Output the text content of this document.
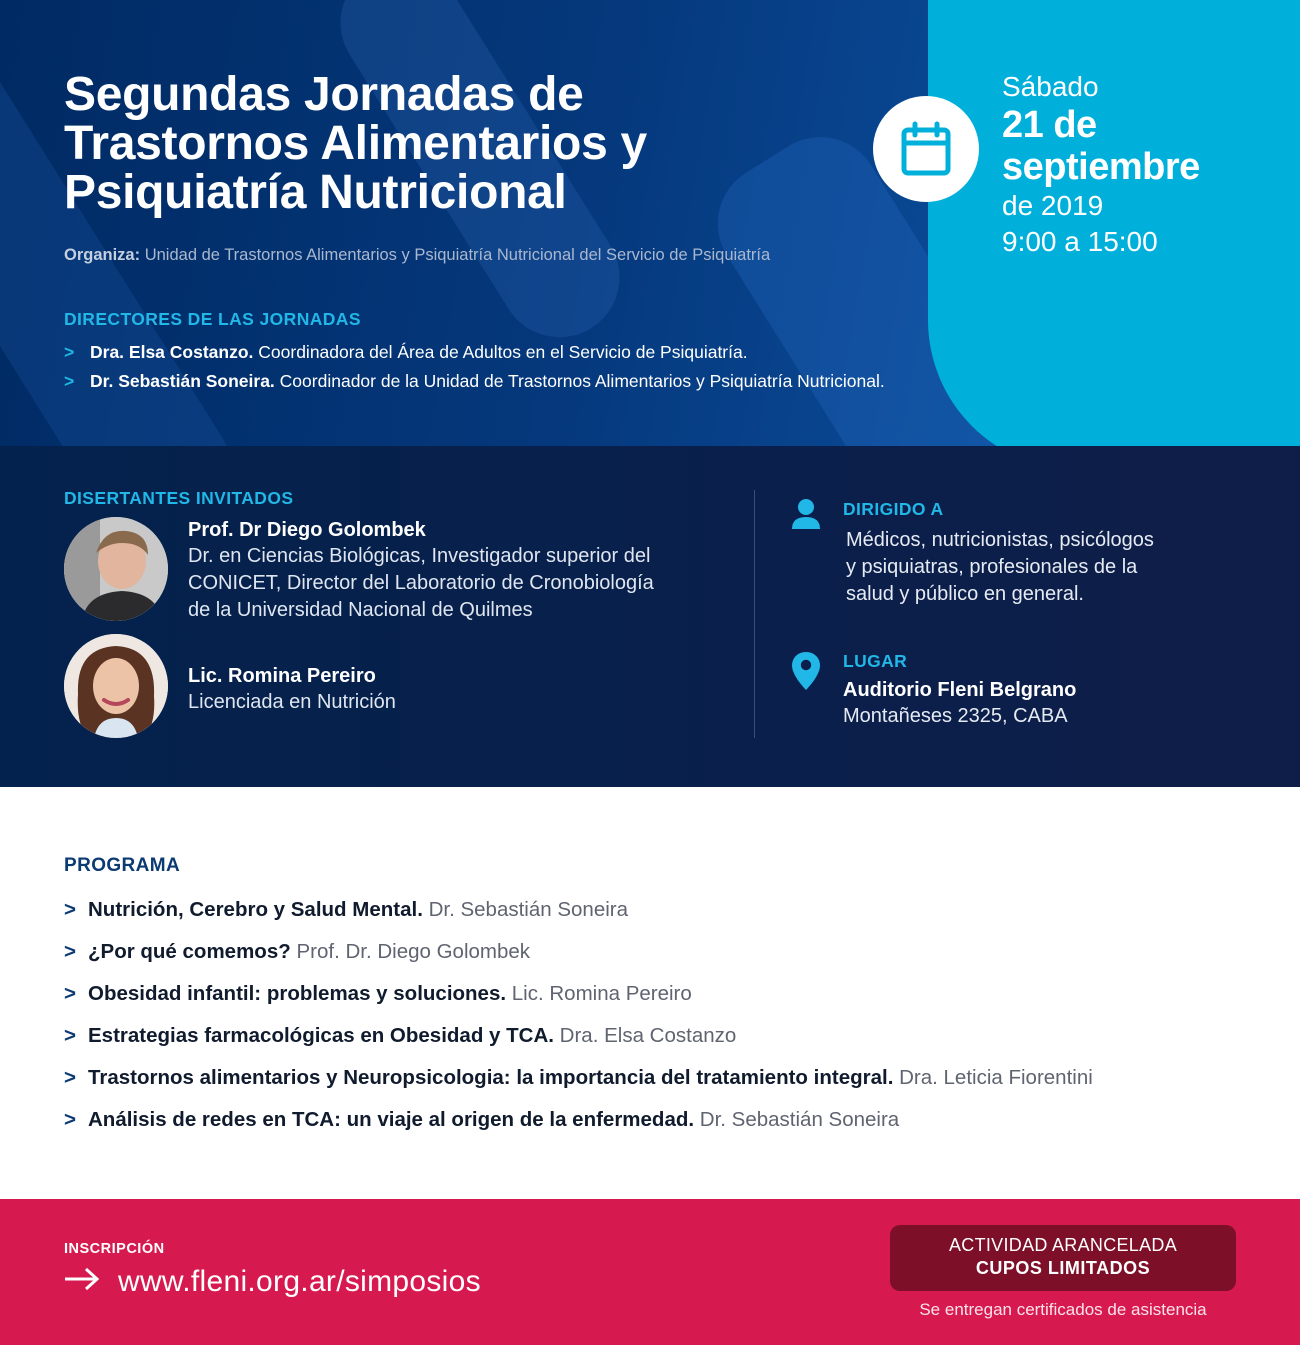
Segundas Jornadas de
Trastornos Alimentarios y
Psiquiatría Nutricional
Organiza: Unidad de Trastornos Alimentarios y Psiquiatría Nutricional del Servicio de Psiquiatría
DIRECTORES DE LAS JORNADAS
> Dra. Elsa Costanzo. Coordinadora del Área de Adultos en el Servicio de Psiquiatría.
> Dr. Sebastián Soneira. Coordinador de la Unidad de Trastornos Alimentarios y Psiquiatría Nutricional.
Sábado
21 de
septiembre
de 2019
9:00 a 15:00
DISERTANTES INVITADOS
Prof. Dr Diego Golombek
Dr. en Ciencias Biológicas, Investigador superior del
CONICET, Director del Laboratorio de Cronobiología
de la Universidad Nacional de Quilmes
Lic. Romina Pereiro
Licenciada en Nutrición
DIRIGIDO A
Médicos, nutricionistas, psicólogos
y psiquiatras, profesionales de la
salud y público en general.
LUGAR
Auditorio Fleni Belgrano
Montañeses 2325, CABA
PROGRAMA
> Nutrición, Cerebro y Salud Mental. Dr. Sebastián Soneira
> ¿Por qué comemos? Prof. Dr. Diego Golombek
> Obesidad infantil: problemas y soluciones. Lic. Romina Pereiro
> Estrategias farmacológicas en Obesidad y TCA. Dra. Elsa Costanzo
> Trastornos alimentarios y Neuropsicologia: la importancia del tratamiento integral. Dra. Leticia Fiorentini
> Análisis de redes en TCA: un viaje al origen de la enfermedad. Dr. Sebastián Soneira
INSCRIPCIÓN
www.fleni.org.ar/simposios
ACTIVIDAD ARANCELADA
CUPOS LIMITADOS
Se entregan certificados de asistencia
